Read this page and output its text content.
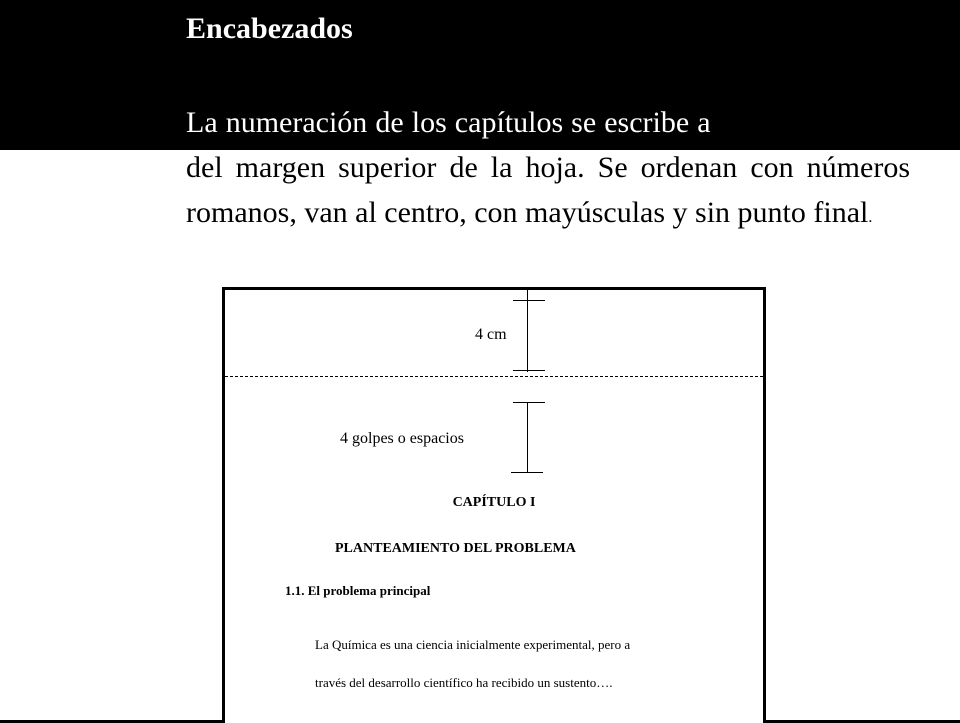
Encabezados

La numeración de los capítulos se escribe a cuatro espacios del margen superior de la hoja. Se ordenan con números romanos, van al centro, con mayúsculas y sin punto final.

4 cm
4 golpes o espacios
CAPÍTULO I
PLANTEAMIENTO DEL PROBLEMA
1.1. El problema principal

La Química es una ciencia inicialmente experimental, pero a
través del desarrollo científico ha recibido un sustento….
